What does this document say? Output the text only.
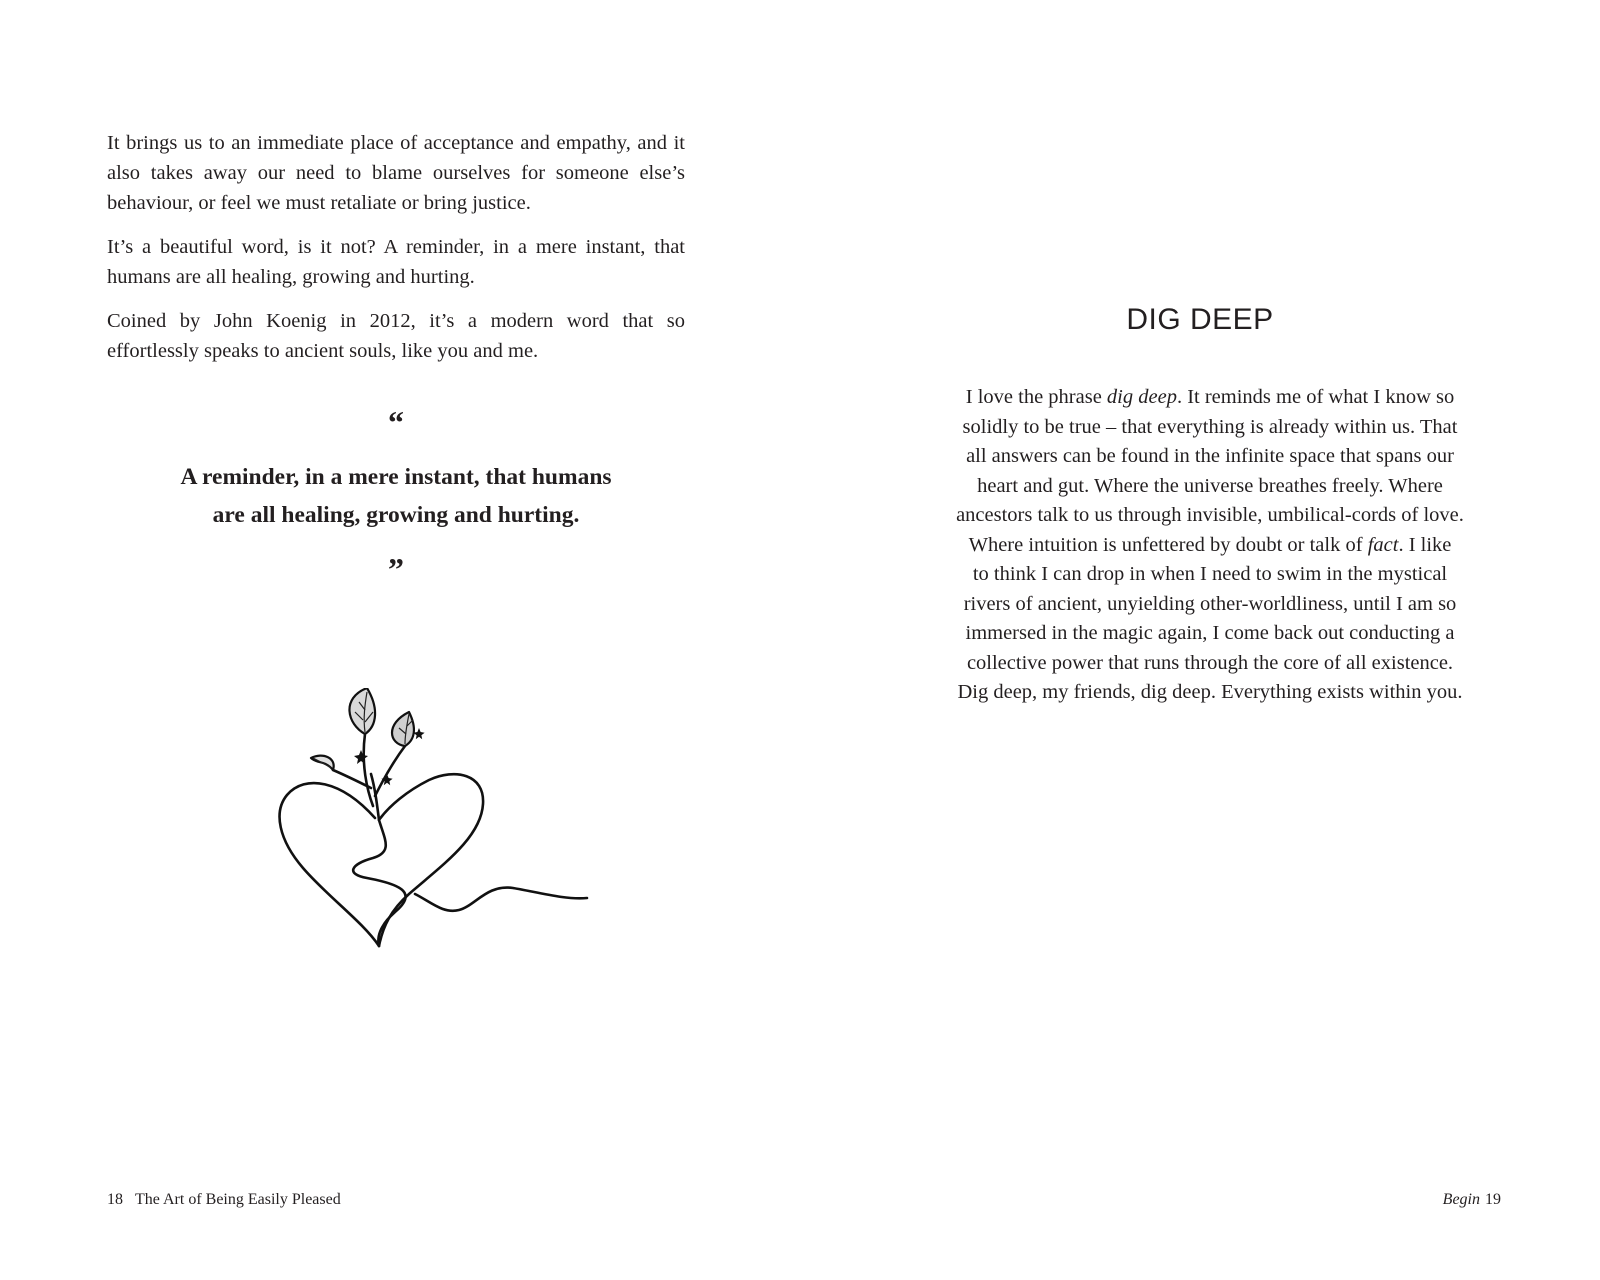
It brings us to an immediate place of acceptance and empathy, and it also takes away our need to blame ourselves for someone else’s behaviour, or feel we must retaliate or bring justice.

It’s a beautiful word, is it not? A reminder, in a mere instant, that humans are all healing, growing and hurting.

Coined by John Koenig in 2012, it’s a modern word that so effortlessly speaks to ancient souls, like you and me.

“
A reminder, in a mere instant, that humans
are all healing, growing and hurting.
”
18 The Art of Being Easily Pleased
DIG DEEP

I love the phrase dig deep. It reminds me of what I know so

solidly to be true – that everything is already within us. That

all answers can be found in the infinite space that spans our

heart and gut. Where the universe breathes freely. Where

ancestors talk to us through invisible, umbilical-cords of love.

Where intuition is unfettered by doubt or talk of fact. I like

to think I can drop in when I need to swim in the mystical

rivers of ancient, unyielding other-worldliness, until I am so

immersed in the magic again, I come back out conducting a

collective power that runs through the core of all existence.

Dig deep, my friends, dig deep. Everything exists within you.

Begin 19
